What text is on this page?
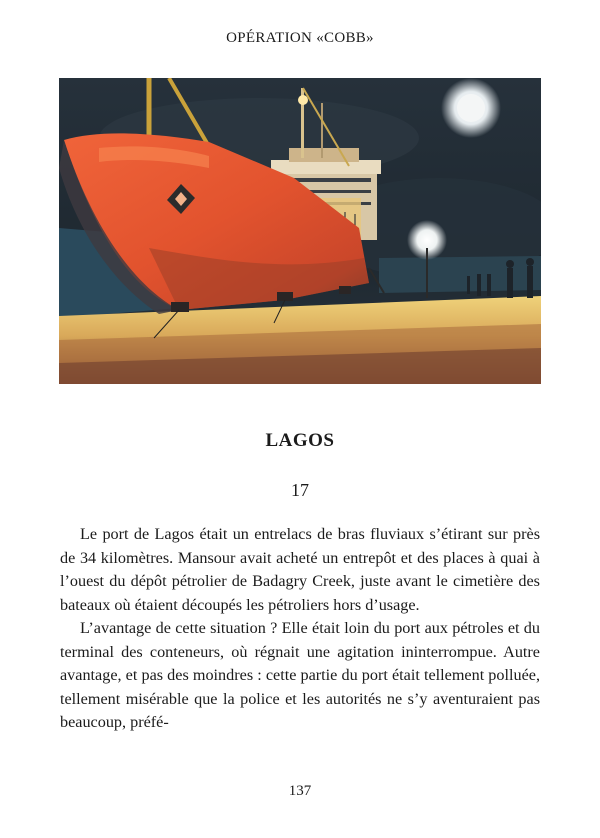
OPÉRATION «COBB»
LAGOS
17

Le port de Lagos était un entrelacs de bras fluviaux s’étirant sur près de 34 kilomètres. Mansour avait acheté un entrepôt et des places à quai à l’ouest du dépôt pétrolier de Badagry Creek, juste avant le cimetière des bateaux où étaient découpés les pétroliers hors d’usage.

L’avantage de cette situation ? Elle était loin du port aux pétroles et du terminal des conteneurs, où régnait une agitation ininterrompue. Autre avantage, et pas des moindres : cette partie du port était tellement polluée, tellement misérable que la police et les autorités ne s’y aventuraient pas beaucoup, préfé-

137
